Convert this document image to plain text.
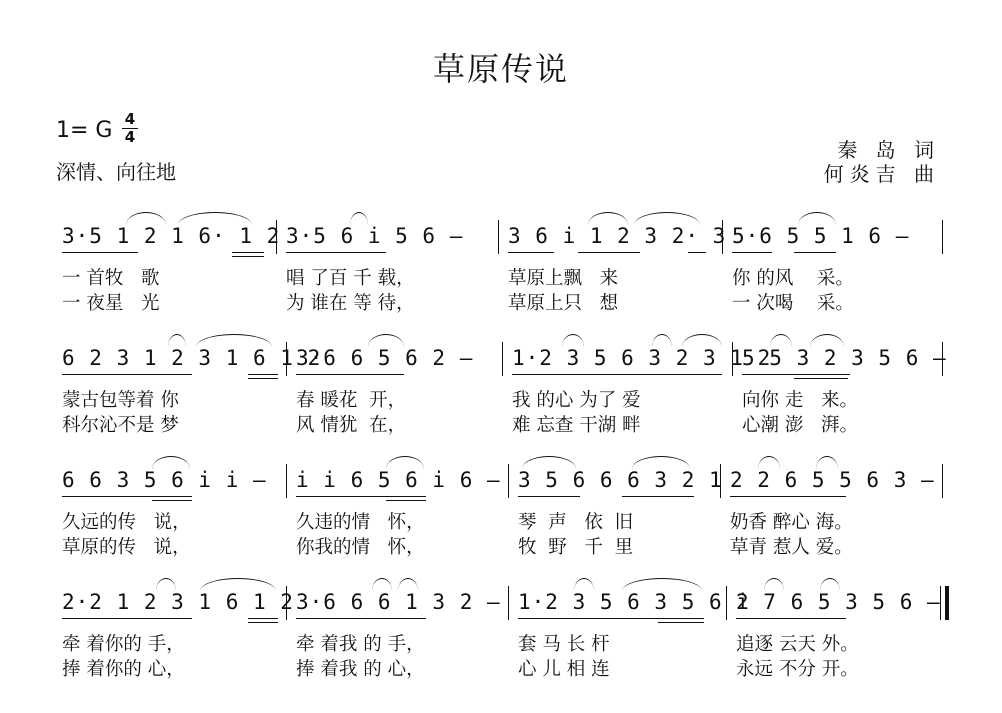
草原传说
1= G 4
4
深情、向往地
秦 岛 词
何炎吉 曲
3·5 1 2 1 6· 1 2
一 首牧   歌
一 夜星   光
3·5 6 i 5 6 –
唱 了百 千 载，
为 谁在 等 待，
3 6 i 1 2 3 2· 3
草原上飘   来
草原上只   想
5·6 5 5 1 6 –
你 的风    采。
一 次喝    采。
6 2 3 1 2 3 1 6 1 2
蒙古包等着 你
科尔沁不是 梦
3·6 6 5 6 2 –
春 暖花  开，
风 情犹  在，
1·2 3 5 6 3 2 3 1 2
我 的心 为了 爱
难 忘查 干湖 畔
5 5 3 2 3 5 6 –
向你 走   来。
心潮 澎   湃。
6 6 3 5 6 i i –
久远的传   说，
草原的传   说，
i i 6 5 6 i 6 –
久违的情   怀，
你我的情   怀，
3 5 6 6 6 3 2 1
琴  声   依  旧
牧  野   千  里
2 2 6 5 5 6 3 –
奶香 醉心 海。
草青 惹人 爱。
2·2 1 2 3 1 6 1 2
牵 着你的 手，
捧 着你的 心，
3·6 6 6 1 3 2 –
牵 着我 的 手，
捧 着我 的 心，
1·2 3 5 6 3 5 6 i
套 马 长 杆
心 儿 相 连
2 7 6 5 3 5 6 –
追逐 云天 外。
永远 不分 开。
